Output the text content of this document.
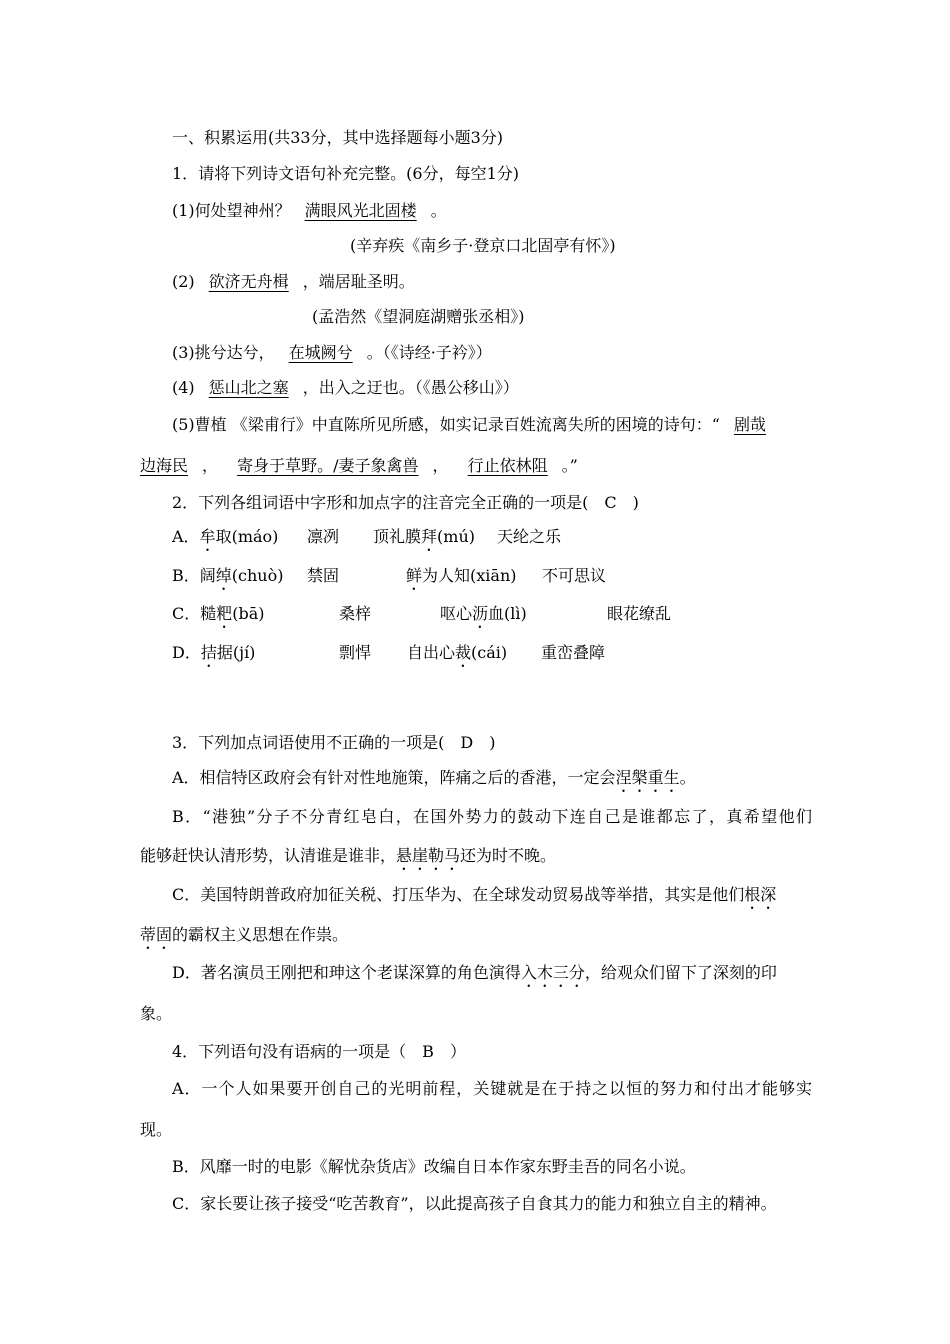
一、积累运用(共33分，其中选择题每小题3分)
1．请将下列诗文语句补充完整。(6分，每空1分)
(1)何处望神州？ 满眼风光北固楼 。
(辛弃疾《南乡子·登京口北固亭有怀》)
(2) 欲济无舟楫 ，端居耻圣明。
(孟浩然《望洞庭湖赠张丞相》)
(3)挑兮达兮， 在城阙兮 。（《诗经·子衿》）
(4) 惩山北之塞 ，出入之迂也。（《愚公移山》）
(5)曹植 《梁甫行》中直陈所见所感，如实记录百姓流离失所的困境的诗句：“ 剧哉
边海民 ， 寄身于草野。/妻子象禽兽 ， 行止依林阻 。”
2．下列各组词语中字形和加点字的注音完全正确的一项是(　C　)
A．牟取(máo) 凛冽 顶礼膜拜(mú) 天纶之乐
B．阔绰(chuò) 禁固	鲜为人知(xiān) 不可思议
C．糙粑(bā)	桑梓	呕心沥血(lì)	眼花缭乱
D．拮据(jí)	剽悍 自出心裁(cái) 重峦叠障
3．下列加点词语使用不正确的一项是(　D　)
A．相信特区政府会有针对性地施策，阵痛之后的香港，一定会涅槃重生。
B．“港独”分子不分青红皂白，在国外势力的鼓动下连自己是谁都忘了，真希望他们
能够赶快认清形势，认清谁是谁非，悬崖勒马还为时不晚。
C．美国特朗普政府加征关税、打压华为、在全球发动贸易战等举措，其实是他们根深
蒂固的霸权主义思想在作祟。
D．著名演员王刚把和珅这个老谋深算的角色演得入木三分，给观众们留下了深刻的印
象。
4．下列语句没有语病的一项是（　B　）
A．一个人如果要开创自己的光明前程，关键就是在于持之以恒的努力和付出才能够实
现。
B．风靡一时的电影《解忧杂货店》改编自日本作家东野圭吾的同名小说。
C．家长要让孩子接受“吃苦教育”，以此提高孩子自食其力的能力和独立自主的精神。
